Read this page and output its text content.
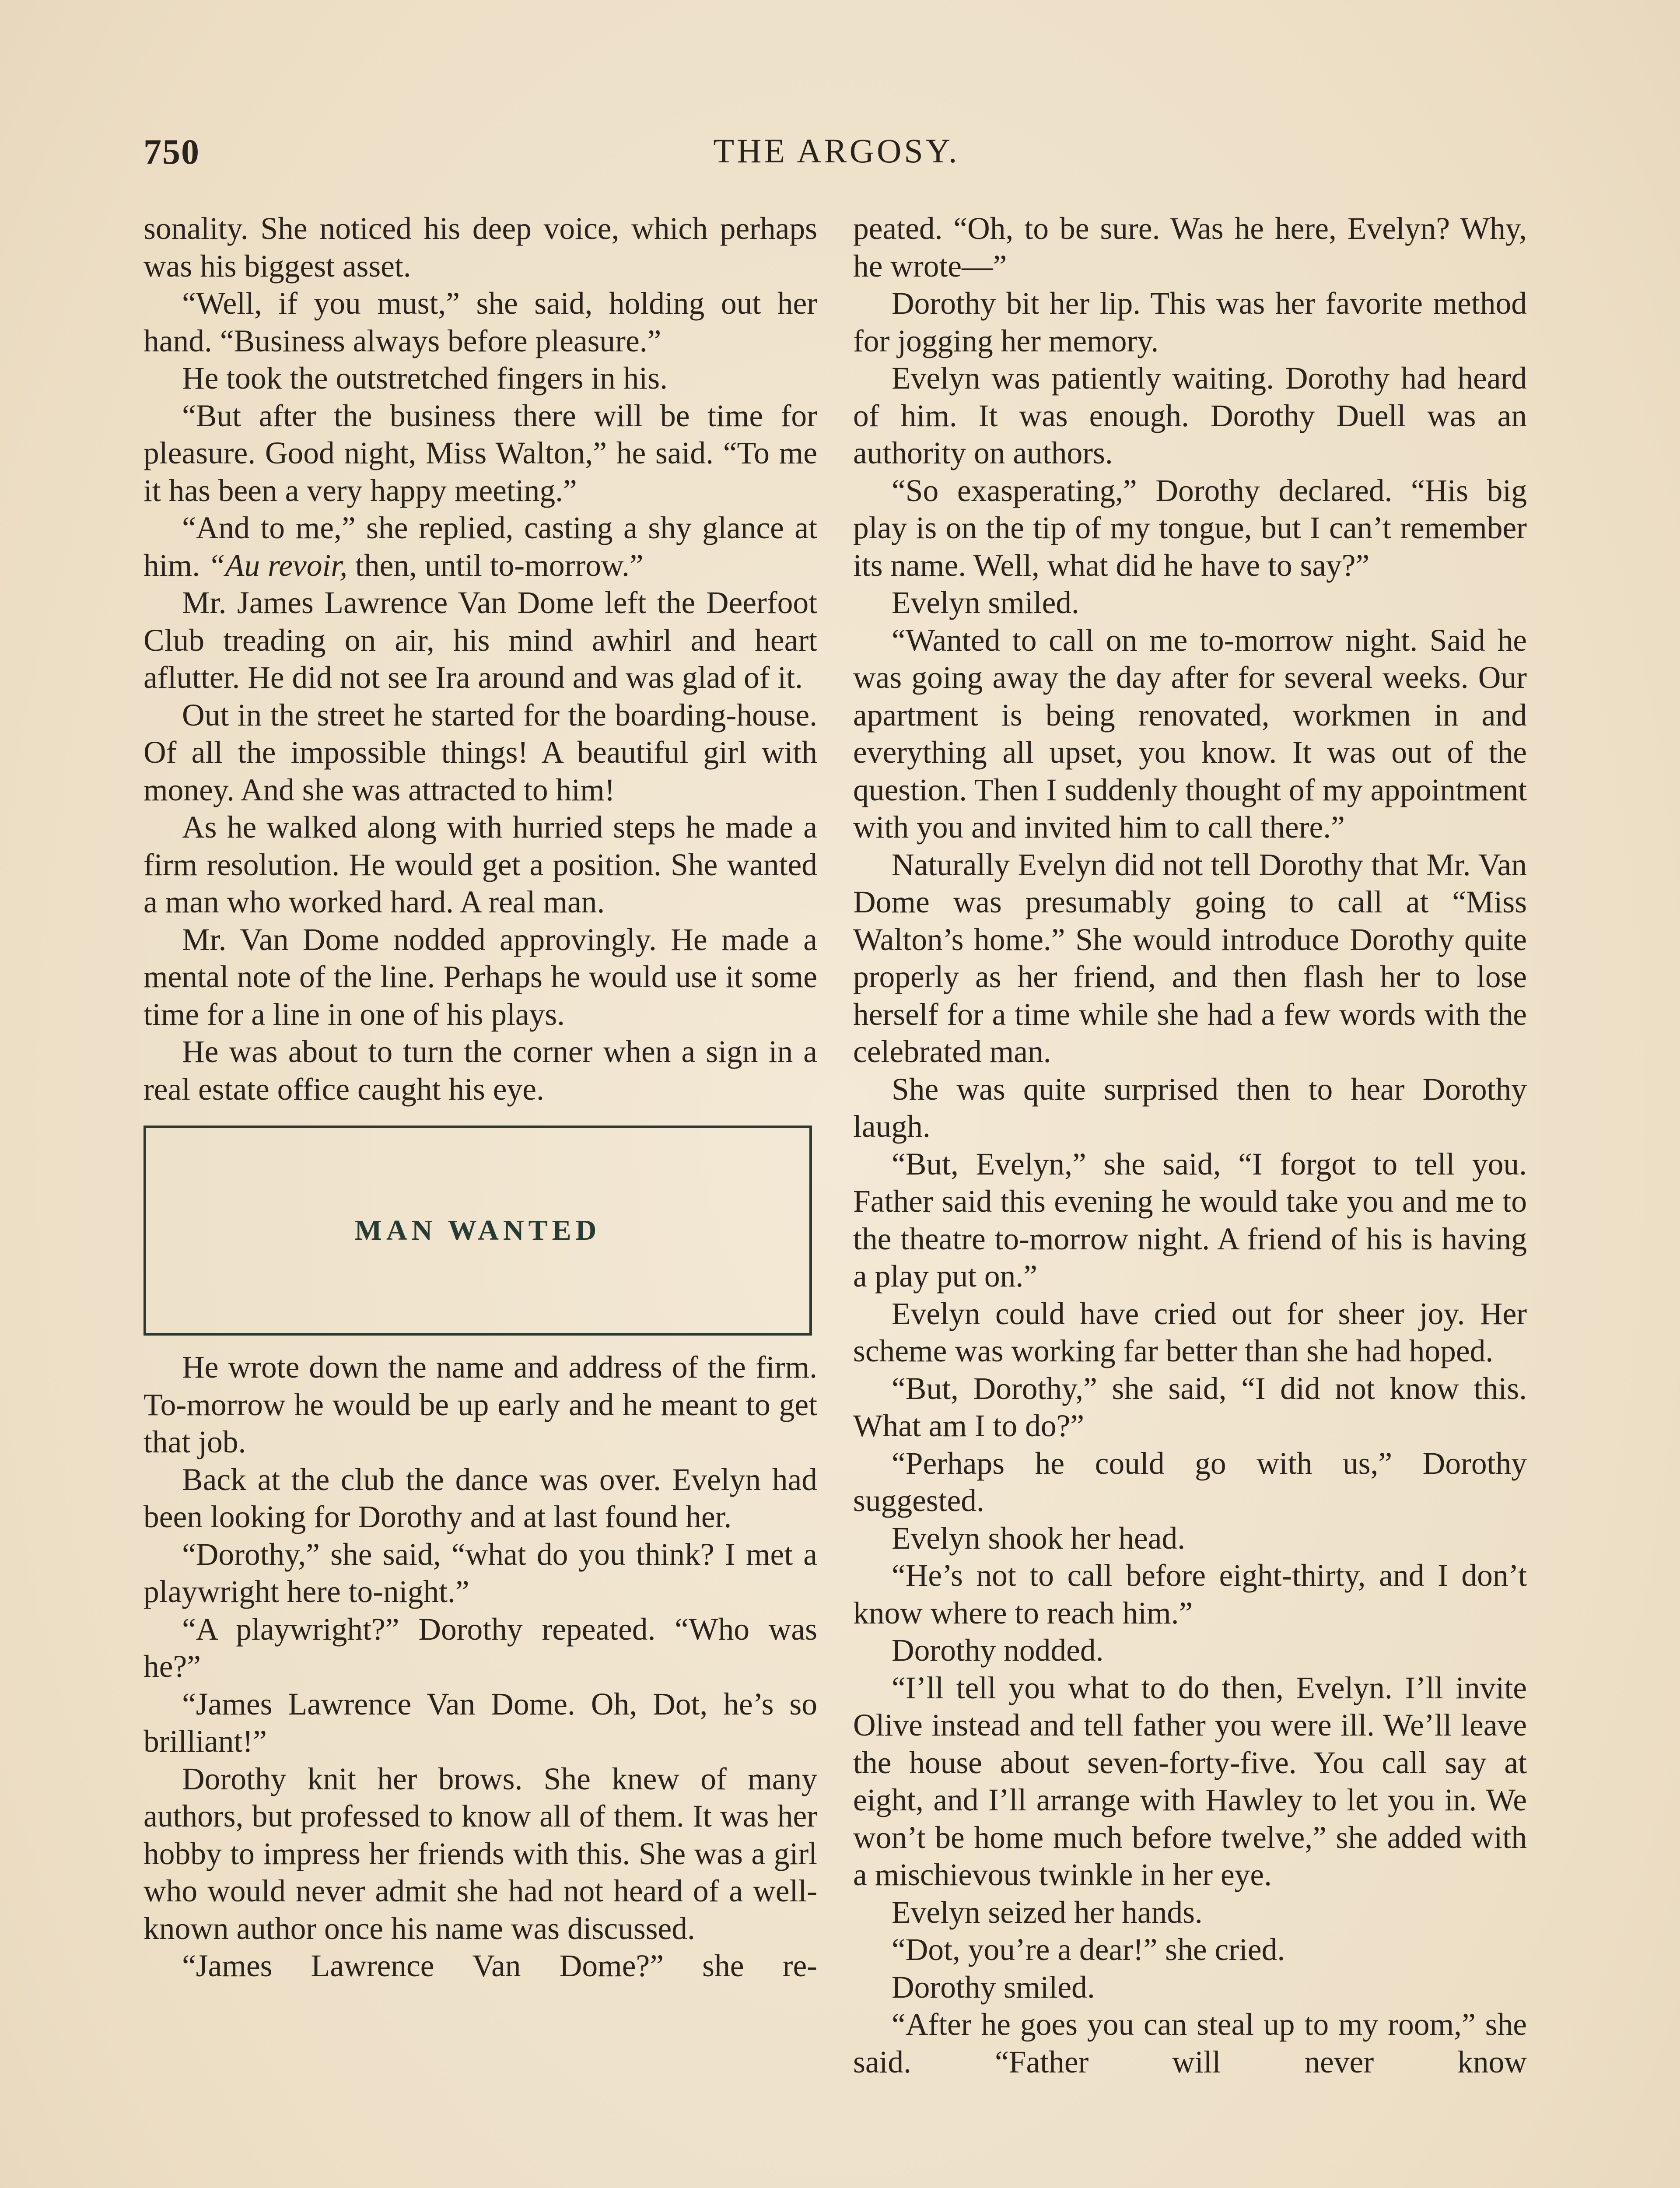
750	THE ARGOSY.

sonality. She noticed his deep voice, which perhaps was his biggest asset.

“Well, if you must,” she said, holding out her hand. “Business always before pleasure.”

He took the outstretched fingers in his.

“But after the business there will be time for pleasure. Good night, Miss Walton,” he said. “To me it has been a very happy meeting.”

“And to me,” she replied, casting a shy glance at him. “Au revoir, then, until to-morrow.”

Mr. James Lawrence Van Dome left the Deerfoot Club treading on air, his mind awhirl and heart aflutter. He did not see Ira around and was glad of it.

Out in the street he started for the boarding-house. Of all the impossible things! A beautiful girl with money. And she was attracted to him!

As he walked along with hurried steps he made a firm resolution. He would get a position. She wanted a man who worked hard. A real man.

Mr. Van Dome nodded approvingly. He made a mental note of the line. Perhaps he would use it some time for a line in one of his plays.

He was about to turn the corner when a sign in a real estate office caught his eye.

MAN WANTED

He wrote down the name and address of the firm. To-morrow he would be up early and he meant to get that job.

Back at the club the dance was over. Evelyn had been looking for Dorothy and at last found her.

“Dorothy,” she said, “what do you think? I met a playwright here to-night.”

“A playwright?” Dorothy repeated. “Who was he?”

“James Lawrence Van Dome. Oh, Dot, he’s so brilliant!”

Dorothy knit her brows. She knew of many authors, but professed to know all of them. It was her hobby to impress her friends with this. She was a girl who would never admit she had not heard of a well-known author once his name was discussed.

“James Lawrence Van Dome?” she re-

peated. “Oh, to be sure. Was he here, Evelyn? Why, he wrote—”

Dorothy bit her lip. This was her favorite method for jogging her memory.

Evelyn was patiently waiting. Dorothy had heard of him. It was enough. Dorothy Duell was an authority on authors.

“So exasperating,” Dorothy declared. “His big play is on the tip of my tongue, but I can’t remember its name. Well, what did he have to say?”

Evelyn smiled.

“Wanted to call on me to-morrow night. Said he was going away the day after for several weeks. Our apartment is being renovated, workmen in and everything all upset, you know. It was out of the question. Then I suddenly thought of my appointment with you and invited him to call there.”

Naturally Evelyn did not tell Dorothy that Mr. Van Dome was presumably going to call at “Miss Walton’s home.” She would introduce Dorothy quite properly as her friend, and then flash her to lose herself for a time while she had a few words with the celebrated man.

She was quite surprised then to hear Dorothy laugh.

“But, Evelyn,” she said, “I forgot to tell you. Father said this evening he would take you and me to the theatre to-morrow night. A friend of his is having a play put on.”

Evelyn could have cried out for sheer joy. Her scheme was working far better than she had hoped.

“But, Dorothy,” she said, “I did not know this. What am I to do?”

“Perhaps he could go with us,” Dorothy suggested.

Evelyn shook her head.

“He’s not to call before eight-thirty, and I don’t know where to reach him.”

Dorothy nodded.

“I’ll tell you what to do then, Evelyn. I’ll invite Olive instead and tell father you were ill. We’ll leave the house about seven-forty-five. You call say at eight, and I’ll arrange with Hawley to let you in. We won’t be home much before twelve,” she added with a mischievous twinkle in her eye.

Evelyn seized her hands.

“Dot, you’re a dear!” she cried.

Dorothy smiled.

“After he goes you can steal up to my room,” she said. “Father will never know
